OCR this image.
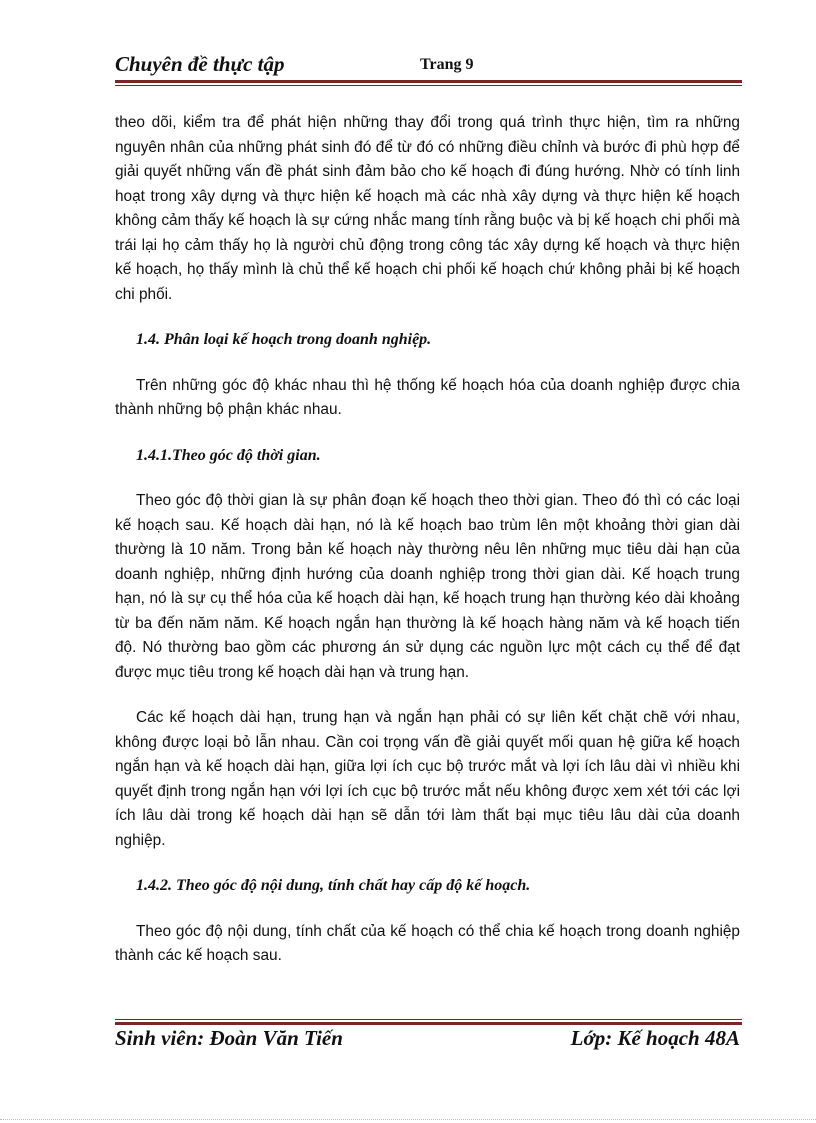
Chuyên đề thực tập	Trang 9

theo dõi, kiểm tra để phát hiện những thay đổi trong quá trình thực hiện, tìm ra những nguyên nhân của những phát sinh đó để từ đó có những điều chỉnh và bước đi phù hợp để giải quyết những vấn đề phát sinh đảm bảo cho kế hoạch đi đúng hướng. Nhờ có tính linh hoạt trong xây dựng và thực hiện kế hoạch mà các nhà xây dựng và thực hiện kế hoạch không cảm thấy kế hoạch là sự cứng nhắc mang tính rằng buộc và bị kế hoạch chi phối mà trái lại họ cảm thấy họ là người chủ động trong công tác xây dựng kế hoạch và thực hiện kế hoạch, họ thấy mình là chủ thể kế hoạch chi phối kế hoạch chứ không phải bị kế hoạch chi phối.

1.4. Phân loại kế hoạch trong doanh nghiệp.

Trên những góc độ khác nhau thì hệ thống kế hoạch hóa của doanh nghiệp được chia thành những bộ phận khác nhau.

1.4.1.Theo góc độ thời gian.

Theo góc độ thời gian là sự phân đoạn kế hoạch theo thời gian. Theo đó thì có các loại kế hoạch sau. Kế hoạch dài hạn, nó là kế hoạch bao trùm lên một khoảng thời gian dài thường là 10 năm. Trong bản kế hoạch này thường nêu lên những mục tiêu dài hạn của doanh nghiệp, những định hướng của doanh nghiệp trong thời gian dài. Kế hoạch trung hạn, nó là sự cụ thể hóa của kế hoạch dài hạn, kế hoạch trung hạn thường kéo dài khoảng từ ba đến năm năm. Kế hoạch ngắn hạn thường là kế hoạch hàng năm và kế hoạch tiến độ. Nó thường bao gồm các phương án sử dụng các nguồn lực một cách cụ thể để đạt được mục tiêu trong kế hoạch dài hạn và trung hạn.

Các kế hoạch dài hạn, trung hạn và ngắn hạn phải có sự liên kết chặt chẽ với nhau, không được loại bỏ lẫn nhau. Cần coi trọng vấn đề giải quyết mối quan hệ giữa kế hoạch ngắn hạn và kế hoạch dài hạn, giữa lợi ích cục bộ trước mắt và lợi ích lâu dài vì nhiều khi quyết định trong ngắn hạn với lợi ích cục bộ trước mắt nếu không được xem xét tới các lợi ích lâu dài trong kế hoạch dài hạn sẽ dẫn tới làm thất bại mục tiêu lâu dài của doanh nghiệp.

1.4.2. Theo góc độ nội dung, tính chất hay cấp độ kế hoạch.

Theo góc độ nội dung, tính chất của kế hoạch có thể chia kế hoạch trong doanh nghiệp thành các kế hoạch sau.

Sinh viên: Đoàn Văn Tiến	Lớp: Kế hoạch 48A
